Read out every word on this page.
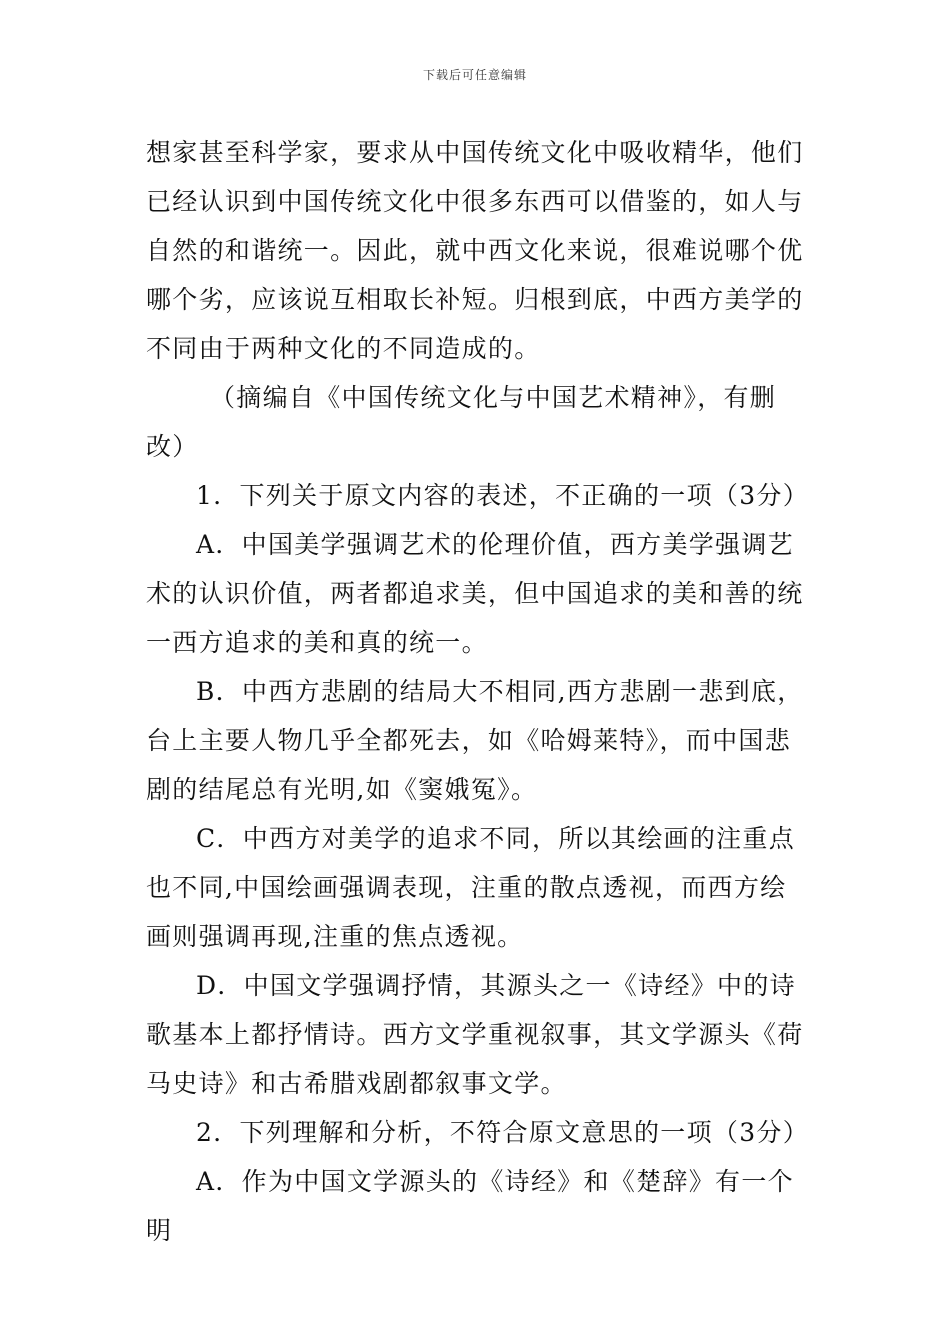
下载后可任意编辑

想家甚至科学家，要求从中国传统文化中吸收精华，他们已经认识到中国传统文化中很多东西可以借鉴的，如人与自然的和谐统一。因此，就中西文化来说，很难说哪个优哪个劣，应该说互相取长补短。归根到底，中西方美学的不同由于两种文化的不同造成的。

（摘编自《中国传统文化与中国艺术精神》，有删改）

1．下列关于原文内容的表述，不正确的一项（3分）

A．中国美学强调艺术的伦理价值，西方美学强调艺术的认识价值，两者都追求美，但中国追求的美和善的统一西方追求的美和真的统一。

B．中西方悲剧的结局大不相同,西方悲剧一悲到底，台上主要人物几乎全都死去，如《哈姆莱特》，而中国悲剧的结尾总有光明,如《窦娥冤》。

C．中西方对美学的追求不同，所以其绘画的注重点也不同,中国绘画强调表现，注重的散点透视，而西方绘画则强调再现,注重的焦点透视。

D．中国文学强调抒情，其源头之一《诗经》中的诗歌基本上都抒情诗。西方文学重视叙事，其文学源头《荷马史诗》和古希腊戏剧都叙事文学。

2．下列理解和分析，不符合原文意思的一项（3分）

A．作为中国文学源头的《诗经》和《楚辞》有一个明
